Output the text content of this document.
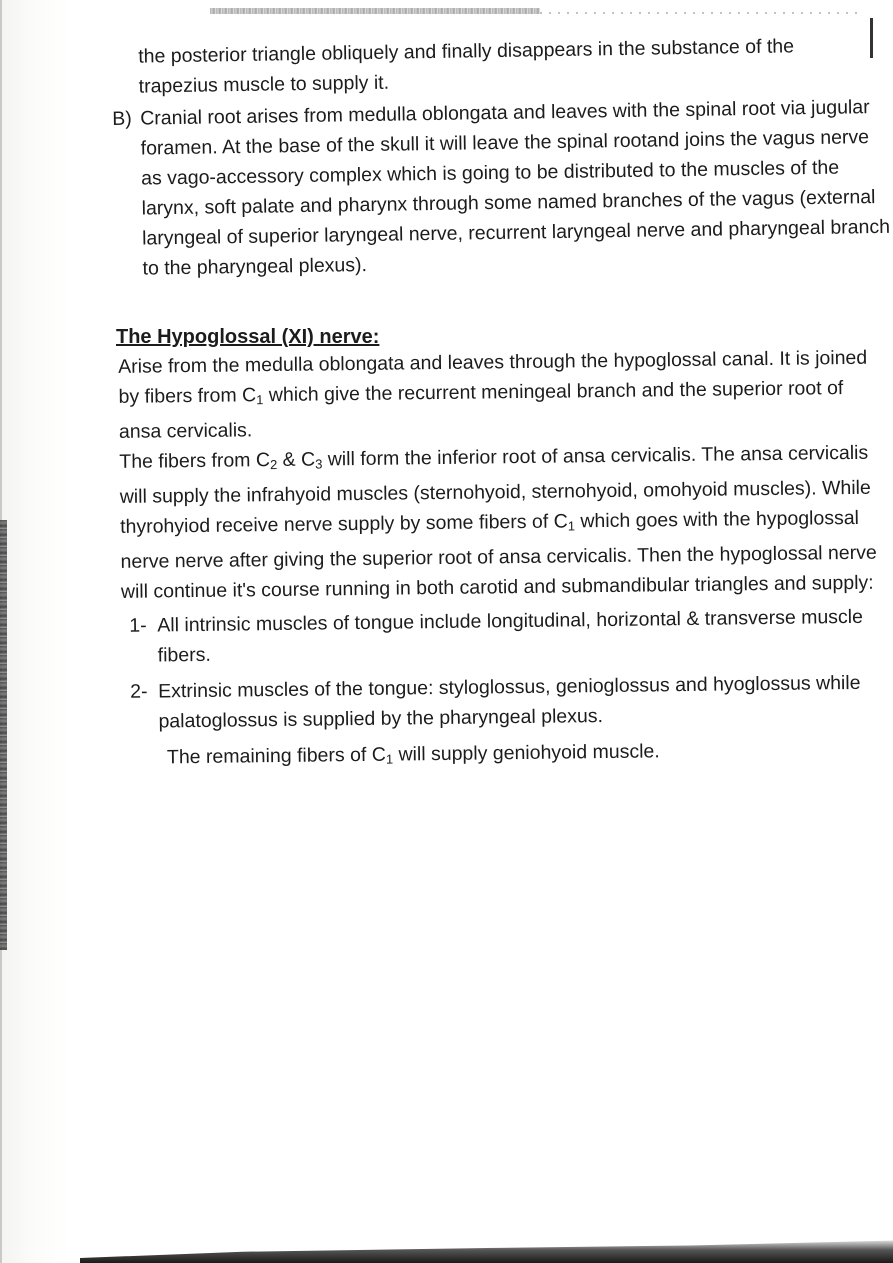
the posterior triangle obliquely and finally disappears in the substance of the trapezius muscle to supply it.

B) Cranial root arises from medulla oblongata and leaves with the spinal root via jugular foramen. At the base of the skull it will leave the spinal rootand joins the vagus nerve as vago-accessory complex which is going to be distributed to the muscles of the larynx, soft palate and pharynx through some named branches of the vagus (external laryngeal of superior laryngeal nerve, recurrent laryngeal nerve and pharyngeal branch to the pharyngeal plexus).
The Hypoglossal (XI) nerve:

Arise from the medulla oblongata and leaves through the hypoglossal canal. It is joined by fibers from $C_1$ which give the recurrent meningeal branch and the superior root of ansa cervicalis.

The fibers from $C_2$ & $C_3$ will form the inferior root of ansa cervicalis. The ansa cervicalis will supply the infrahyoid muscles (sternohyoid, sternohyoid, omohyoid muscles). While thyrohyiod receive nerve supply by some fibers of $C_1$ which goes with the hypoglossal nerve nerve after giving the superior root of ansa cervicalis. Then the hypoglossal nerve will continue it's course running in both carotid and submandibular triangles and supply:

1- All intrinsic muscles of tongue include longitudinal, horizontal & transverse muscle fibers.
2- Extrinsic muscles of the tongue: styloglossus, genioglossus and hyoglossus while palatoglossus is supplied by the pharyngeal plexus.
The remaining fibers of $C_1$ will supply geniohyoid muscle.
